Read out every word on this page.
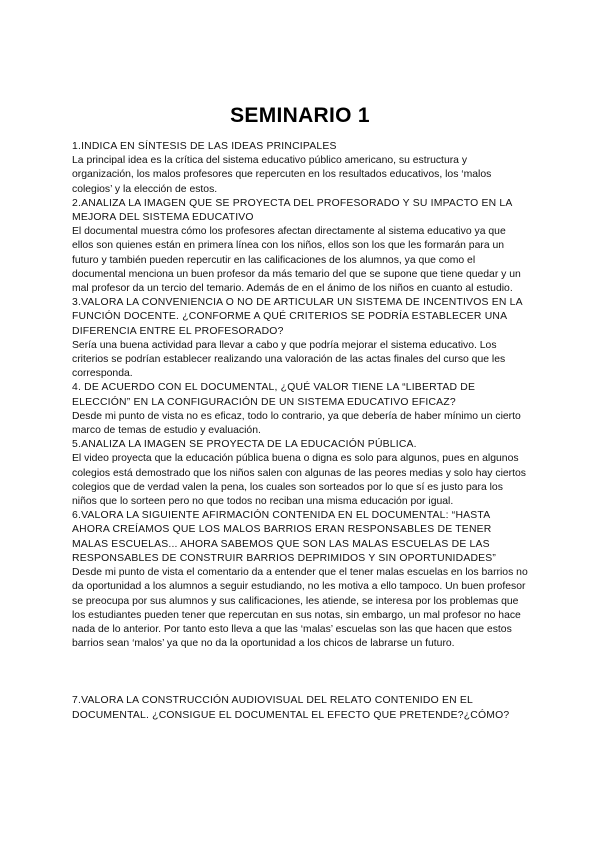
SEMINARIO 1
1.INDICA EN SÍNTESIS DE LAS IDEAS PRINCIPALES
La principal idea es la crítica del sistema educativo público americano, su estructura y organización, los malos profesores que repercuten en los resultados educativos, los ‘malos colegios’ y la elección de estos.
2.ANALIZA LA IMAGEN QUE SE PROYECTA DEL PROFESORADO Y SU IMPACTO EN LA MEJORA DEL SISTEMA EDUCATIVO
El documental muestra cómo los profesores afectan directamente al sistema educativo ya que ellos son quienes están en primera línea con los niños, ellos son los que les formarán para un futuro y también pueden repercutir en las calificaciones de los alumnos, ya que como el documental menciona un buen profesor da más temario del que se supone que tiene quedar y un mal profesor da un tercio del temario. Además de en el ánimo de los niños en cuanto al estudio.
3.VALORA LA CONVENIENCIA O NO DE ARTICULAR UN SISTEMA DE INCENTIVOS EN LA FUNCIÓN DOCENTE. ¿CONFORME A QUÉ CRITERIOS SE PODRÍA ESTABLECER UNA DIFERENCIA ENTRE EL PROFESORADO?
Sería una buena actividad para llevar a cabo y que podría mejorar el sistema educativo. Los criterios se podrían establecer realizando una valoración de las actas finales del curso que les corresponda.
4. DE ACUERDO CON EL DOCUMENTAL, ¿QUÉ VALOR TIENE LA “LIBERTAD DE ELECCIÓN” EN LA CONFIGURACIÓN DE UN SISTEMA EDUCATIVO EFICAZ?
Desde mi punto de vista no es eficaz, todo lo contrario, ya que debería de haber mínimo un cierto marco de temas de estudio y evaluación.
5.ANALIZA LA IMAGEN SE PROYECTA DE LA EDUCACIÓN PÚBLICA.
El video proyecta que la educación pública buena o digna es solo para algunos, pues en algunos colegios está demostrado que los niños salen con algunas de las peores medias y solo hay ciertos colegios que de verdad valen la pena, los cuales son sorteados por lo que sí es justo para los niños que lo sorteen pero no que todos no reciban una misma educación por igual.
6.VALORA LA SIGUIENTE AFIRMACIÓN CONTENIDA EN EL DOCUMENTAL: “HASTA AHORA CREÍAMOS QUE LOS MALOS BARRIOS ERAN RESPONSABLES DE TENER MALAS ESCUELAS... AHORA SABEMOS QUE SON LAS MALAS ESCUELAS DE LAS RESPONSABLES DE CONSTRUIR BARRIOS DEPRIMIDOS Y SIN OPORTUNIDADES”
Desde mi punto de vista el comentario da a entender que el tener malas escuelas en los barrios no da oportunidad a los alumnos a seguir estudiando, no les motiva a ello tampoco. Un buen profesor se preocupa por sus alumnos y sus calificaciones, les atiende, se interesa por los problemas que los estudiantes pueden tener que repercutan en sus notas, sin embargo, un mal profesor no hace nada de lo anterior. Por tanto esto lleva a que las ‘malas’ escuelas son las que hacen que estos barrios sean ‘malos’ ya que no da la oportunidad a los chicos de labrarse un futuro.
7.VALORA LA CONSTRUCCIÓN AUDIOVISUAL DEL RELATO CONTENIDO EN EL DOCUMENTAL. ¿CONSIGUE EL DOCUMENTAL EL EFECTO QUE PRETENDE?¿CÓMO?
